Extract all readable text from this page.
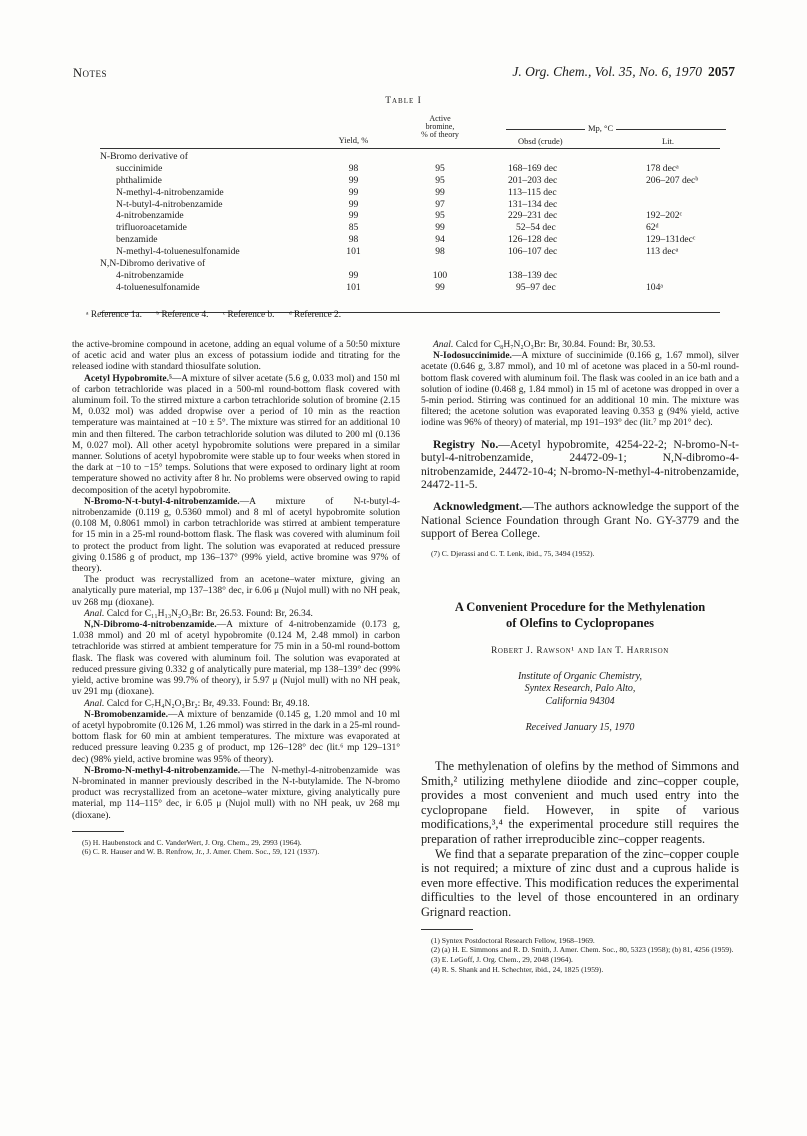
Notes	J. Org. Chem., Vol. 35, No. 6, 1970 2057
Table I
Active
bromine,
% of theory
Yield, %
Mp, °C
Obsd (crude)	Lit.
N-Bromo derivative of
succinimide	98	95	168–169 dec	178 decᵃ
phthalimide	99	95	201–203 dec	206–207 decᵇ
N-methyl-4-nitrobenzamide	99	99	113–115 dec
N-t-butyl-4-nitrobenzamide	99	97	131–134 dec
4-nitrobenzamide	99	95	229–231 dec	192–202ᶜ
trifluoroacetamide	85	99	52–54 dec	62ᵈ
benzamide	98	94	126–128 dec	129–131decᶜ
N-methyl-4-toluenesulfonamide	101	98	106–107 dec	113 decᵃ
N,N-Dibromo derivative of
4-nitrobenzamide	99	100	138–139 dec
4-toluenesulfonamide	101	99	95–97 dec	104ᵃ
ᵃ Reference 1a. ᵇ Reference 4. ᶜ Reference b. ᵈ Reference 2.

the active-bromine compound in acetone, adding an equal volume of a 50:50 mixture of acetic acid and water plus an excess of potassium iodide and titrating for the released iodine with standard thiosulfate solution.

Acetyl Hypobromite.⁵—A mixture of silver acetate (5.6 g, 0.033 mol) and 150 ml of carbon tetrachloride was placed in a 500-ml round-bottom flask covered with aluminum foil. To the stirred mixture a carbon tetrachloride solution of bromine (2.15 M, 0.032 mol) was added dropwise over a period of 10 min as the reaction temperature was maintained at −10 ± 5°. The mixture was stirred for an additional 10 min and then filtered. The carbon tetrachloride solution was diluted to 200 ml (0.136 M, 0.027 mol). All other acetyl hypobromite solutions were prepared in a similar manner. Solutions of acetyl hypobromite were stable up to four weeks when stored in the dark at −10 to −15° temps. Solutions that were exposed to ordinary light at room temperature showed no activity after 8 hr. No problems were observed owing to rapid decomposition of the acetyl hypobromite.

N-Bromo-N-t-butyl-4-nitrobenzamide.—A mixture of N-t-butyl-4-nitrobenzamide (0.119 g, 0.5360 mmol) and 8 ml of acetyl hypobromite solution (0.108 M, 0.8061 mmol) in carbon tetrachloride was stirred at ambient temperature for 15 min in a 25-ml round-bottom flask. The flask was covered with aluminum foil to protect the product from light. The solution was evaporated at reduced pressure giving 0.1586 g of product, mp 136–137° (99% yield, active bromine was 97% of theory).

The product was recrystallized from an acetone–water mixture, giving an analytically pure material, mp 137–138° dec, ir 6.06 μ (Nujol mull) with no NH peak, uv 268 mμ (dioxane).

Anal. Calcd for C₁₁H₁₃N₂O₃Br: Br, 26.53. Found: Br, 26.34.

N,N-Dibromo-4-nitrobenzamide.—A mixture of 4-nitrobenzamide (0.173 g, 1.038 mmol) and 20 ml of acetyl hypobromite (0.124 M, 2.48 mmol) in carbon tetrachloride was stirred at ambient temperature for 75 min in a 50-ml round-bottom flask. The flask was covered with aluminum foil. The solution was evaporated at reduced pressure giving 0.332 g of analytically pure material, mp 138–139° dec (99% yield, active bromine was 99.7% of theory), ir 5.97 μ (Nujol mull) with no NH peak, uv 291 mμ (dioxane).

Anal. Calcd for C₇H₄N₂O₃Br₂: Br, 49.33. Found: Br, 49.18.

N-Bromobenzamide.—A mixture of benzamide (0.145 g, 1.20 mmol and 10 ml of acetyl hypobromite (0.126 M, 1.26 mmol) was stirred in the dark in a 25-ml round-bottom flask for 60 min at ambient temperatures. The mixture was evaporated at reduced pressure leaving 0.235 g of product, mp 126–128° dec (lit.⁶ mp 129–131° dec) (98% yield, active bromine was 95% of theory).

N-Bromo-N-methyl-4-nitrobenzamide.—The N-methyl-4-nitrobenzamide was N-brominated in manner previously described in the N-t-butylamide. The N-bromo product was recrystallized from an acetone–water mixture, giving analytically pure material, mp 114–115° dec, ir 6.05 μ (Nujol mull) with no NH peak, uv 268 mμ (dioxane).

(5) H. Haubenstock and C. VanderWert, J. Org. Chem., 29, 2993 (1964).

(6) C. R. Hauser and W. B. Renfrow, Jr., J. Amer. Chem. Soc., 59, 121 (1937).

Anal. Calcd for C₈H₇N₂O₃Br: Br, 30.84. Found: Br, 30.53.

N-Iodosuccinimide.—A mixture of succinimide (0.166 g, 1.67 mmol), silver acetate (0.646 g, 3.87 mmol), and 10 ml of acetone was placed in a 50-ml round-bottom flask covered with aluminum foil. The flask was cooled in an ice bath and a solution of iodine (0.468 g, 1.84 mmol) in 15 ml of acetone was dropped in over a 5-min period. Stirring was continued for an additional 10 min. The mixture was filtered; the acetone solution was evaporated leaving 0.353 g (94% yield, active iodine was 96% of theory) of material, mp 191–193° dec (lit.⁷ mp 201° dec).

Registry No.—Acetyl hypobromite, 4254-22-2; N-bromo-N-t-butyl-4-nitrobenzamide, 24472-09-1; N,N-dibromo-4-nitrobenzamide, 24472-10-4; N-bromo-N-methyl-4-nitrobenzamide, 24472-11-5.

Acknowledgment.—The authors acknowledge the support of the National Science Foundation through Grant No. GY-3779 and the support of Berea College.

(7) C. Djerassi and C. T. Lenk, ibid., 75, 3494 (1952).

A Convenient Procedure for the Methylenation
of Olefins to Cyclopropanes
Robert J. Rawson¹ and Ian T. Harrison
Institute of Organic Chemistry,
Syntex Research, Palo Alto,
California 94304
Received January 15, 1970

The methylenation of olefins by the method of Simmons and Smith,² utilizing methylene diiodide and zinc–copper couple, provides a most convenient and much used entry into the cyclopropane field. However, in spite of various modifications,³,⁴ the experimental procedure still requires the preparation of rather irreproducible zinc–copper reagents.

We find that a separate preparation of the zinc–copper couple is not required; a mixture of zinc dust and a cuprous halide is even more effective. This modification reduces the experimental difficulties to the level of those encountered in an ordinary Grignard reaction.

(1) Syntex Postdoctoral Research Fellow, 1968–1969.

(2) (a) H. E. Simmons and R. D. Smith, J. Amer. Chem. Soc., 80, 5323 (1958); (b) 81, 4256 (1959).

(3) E. LeGoff, J. Org. Chem., 29, 2048 (1964).

(4) R. S. Shank and H. Schechter, ibid., 24, 1825 (1959).
